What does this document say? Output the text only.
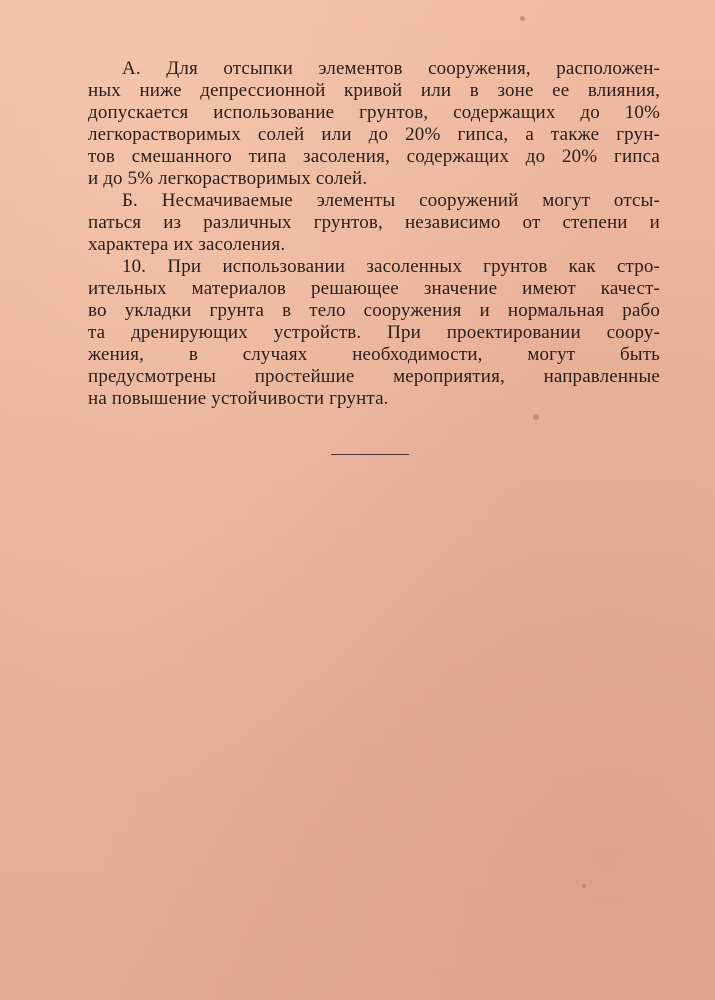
А. Для отсыпки элементов сооружения, расположен-
ных ниже депрессионной кривой или в зоне ее влияния,
допускается использование грунтов, содержащих до 10%
легкорастворимых солей или до 20% гипса, а также грун-
тов смешанного типа засоления, содержащих до 20% гипса
и до 5% легкорастворимых солей.
Б. Несмачиваемые элементы сооружений могут отсы-
паться из различных грунтов, независимо от степени и
характера их засоления.
10. При использовании засоленных грунтов как стро-
ительных материалов решающее значение имеют качест-
во укладки грунта в тело сооружения и нормальная рабо
та дренирующих устройств. При проектировании соору-
жения, в случаях необходимости, могут быть
предусмотрены простейшие мероприятия, направленные
на повышение устойчивости грунта.
